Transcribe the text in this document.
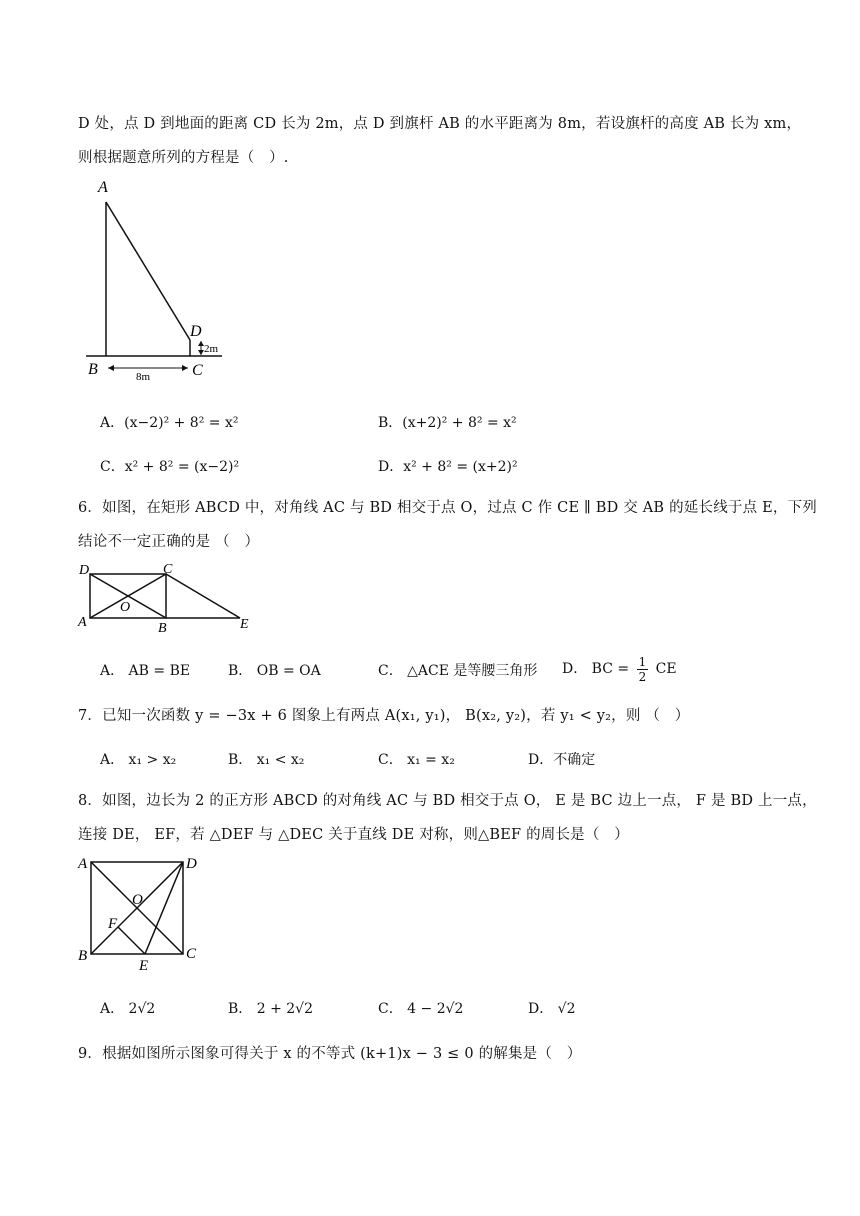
D 处，点 D 到地面的距离 CD 长为 2m，点 D 到旗杆 AB 的水平距离为 8m，若设旗杆的高度 AB 长为 xm，
则根据题意所列的方程是（　）.
A
B	C
D
2m
8m
A．(x−2)² + 8² = x²	B．(x+2)² + 8² = x²
C．x² + 8² = (x−2)²	D．x² + 8² = (x+2)²
6．如图，在矩形 ABCD 中，对角线 AC 与 BD 相交于点 O，过点 C 作 CE ∥ BD 交 AB 的延长线于点 E，下列
结论不一定正确的是 （　）
D	C
A	B	E
O
A． AB = BE	B． OB = OA	C． △ACE 是等腰三角形 D． BC = $\frac{1}{2}$ CE
7．已知一次函数 y = −3x + 6 图象上有两点 A(x₁, y₁)， B(x₂, y₂)，若 y₁ < y₂，则 （　）
A． x₁ > x₂	B． x₁ < x₂	C． x₁ = x₂	D．不确定
8．如图，边长为 2 的正方形 ABCD 的对角线 AC 与 BD 相交于点 O， E 是 BC 边上一点， F 是 BD 上一点，
连接 DE， EF，若 △DEF 与 △DEC 关于直线 DE 对称，则△BEF 的周长是（　）
A	D
B	C
E
F
O
A． 2√2	B． 2 + 2√2	C． 4 − 2√2	D． √2
9．根据如图所示图象可得关于 x 的不等式 (k+1)x − 3 ≤ 0 的解集是（　）
